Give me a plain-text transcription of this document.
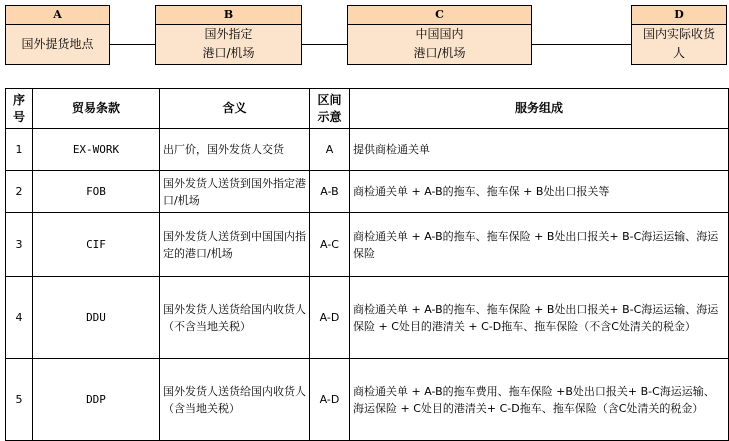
A
国外提货地点
B
国外指定
港口/机场
C
中国国内
港口/机场
D
国内实际收货
人
序号	贸易条款	含义	区间示意	服务组成
1	EX-WORK	出厂价，国外发货人交货	A	提供商检通关单
2	FOB	国外发货人送货到国外指定港口/机场	A-B	商检通关单 + A-B的拖车、拖车保 + B处出口报关等
3	CIF	国外发货人送货到中国国内指定的港口/机场	A-C	商检通关单 + A-B的拖车、拖车保险 + B处出口报关+ B-C海运运输、海运保险
4	DDU	国外发货人送货给国内收货人（不含当地关税）	A-D	商检通关单 + A-B的拖车、拖车保险 + B处出口报关+ B-C海运运输、海运保险 + C处目的港清关 + C-D拖车、拖车保险（不含C处清关的税金）
5	DDP	国外发货人送货给国内收货人（含当地关税）	A-D	商检通关单 + A-B的拖车费用、拖车保险 +B处出口报关+ B-C海运运输、海运保险 + C处目的港清关+ C-D拖车、拖车保险（含C处清关的税金）
